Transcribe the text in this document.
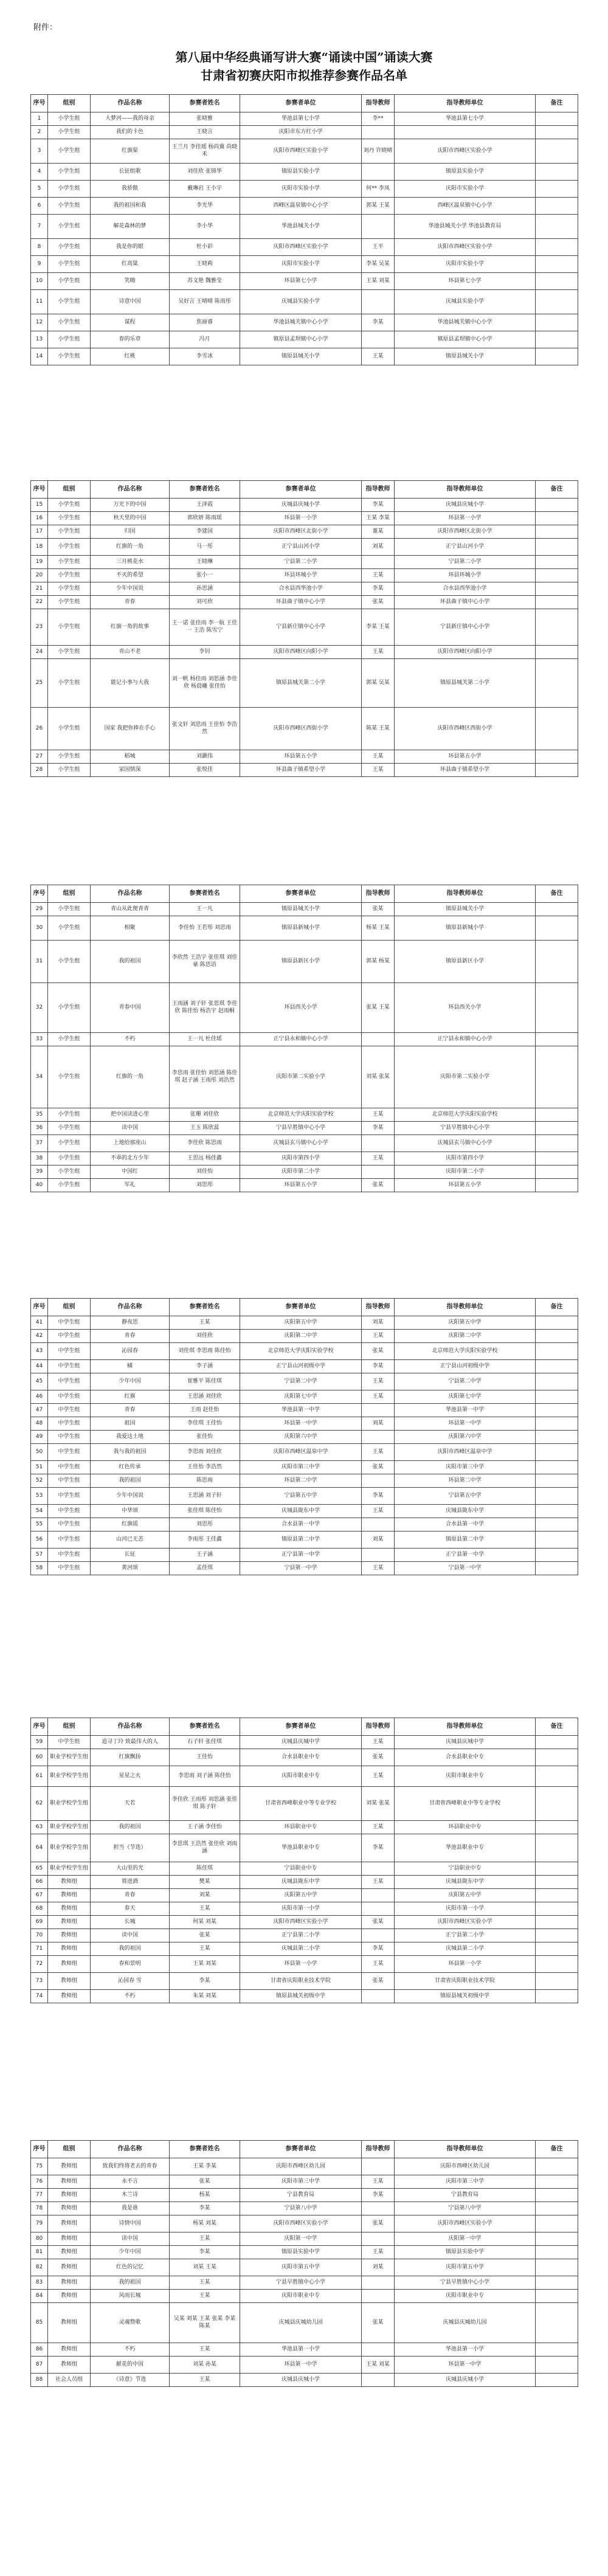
附件：
第八届中华经典诵写讲大赛“诵读中国”诵读大赛
甘肃省初赛庆阳市拟推荐参赛作品名单
序号	组别	作品名称	参赛者姓名	参赛者单位	指导教师	指导教师单位	备注
1	小学生组	大梦河——我的母亲	张晓雅	华池县第七小学	李**	华池县第七小学	
2	小学生组	我们的卡色	王晓言	庆阳市东方红小学			
3	小学生组	红旗渠	王兰月 李佳瑶 杨尚冀 尚晓禾	庆阳市西峰区实验小学	刘丹 许晓晴	庆阳市西峰区实验小学	
4	小学生组	长征组歌	刘佳欣 张锦华	镇原县实验小学		镇原县实验小学	
5	小学生组	我骄傲	戴琳岩 王小宇	庆阳市实验小学	何** 李凤	庆阳市实验小学	
6	小学生组	我的祖国和我	李光华	西峰区温泉镇中心小学	郭某 王某	西峰区温泉镇中心小学	
7	小学生组	解花森林的梦	李小华	华池县城关小学		华池县城关小学 华池县教育局	
8	小学生组	我是你的眼	杜小彩	庆阳市西峰区实验小学	王平	庆阳市西峰区实验小学	
9	小学生组	红高粱	王晓莉	庆阳市实验小学	李某 吴某	庆阳市实验小学	
10	小学生组	笑嗨	苏文艳 魏雅莹	环县第七小学	王某 刘某	环县第七小学	
11	小学生组	诗意中国	吴好言 王晴晴 陈雨彤	庆城县实验小学		庆城县实验小学	
12	小学生组	谋程	焦丽睿	华池县城关镇中心小学	李某	华池县城关镇中心小学	
13	小学生组	春的乐章	冯月	镇原县孟坝镇中心小学		镇原县孟坝镇中心小学	
14	小学生组	红桃	李雪冰	镇原县城关小学	王某	镇原县城关小学	
序号	组别	作品名称	参赛者姓名	参赛者单位	指导教师	指导教师单位	备注
15	小学生组	万光下的中国	王泽霞	庆城县庆城小学	李某	庆城县庆城小学	
16	小学生组	秋天里的中国	郭欣妍 陈雨瑶	环县第一小学	王某 李某	环县第一小学	
17	小学生组	归国	李建国	庆阳市西峰区北街小学	董某	庆阳市西峰区北街小学	
18	小学生组	红旗的一角	马一彤	正宁县山河小学	刘某	正宁县山河小学	
19	小学生组	三月桃花水	王晓琳	宁县第二小学		宁县第二小学	
20	小学生组	不灭的希望	张小一	环县环城小学	王某	环县环城小学	
21	小学生组	少年中国说	孙思涵	合水县西华池小学	李某	合水县西华池小学	
22	小学生组	青春	刘可欣	环县曲子镇中心小学	张某	环县曲子镇中心小学	
23	小学生组	红旗一角的故事	王一诺 张佳雨 李一航 王佳一 王浩 陈雪宁	宁县新庄镇中心小学	李某 王某	宁县新庄镇中心小学	
24	小学生组	青山不老	李钊	庆阳市西峰区向阳小学	王某	庆阳市西峰区向阳小学	
25	小学生组	能记小事与大我	刘一帆 杨佳雨 刘思涵 李佳欣 杨晨曦 张佳怡	镇原县城关第二小学	郭某 吴某	镇原县城关第二小学	
26	小学生组	国家 我把你捧在手心	张文轩 刘思雨 王佳怡 李浩然	庆阳市西峰区西街小学	陈某 王某	庆阳市西峰区西街小学	
27	小学生组	稻城	刘灏伟	环县第五小学	王某	环县第五小学	
28	小学生组	家国情深	张悦佳	环县曲子镇希望小学	王某	环县曲子镇希望小学	
序号	组别	作品名称	参赛者姓名	参赛者单位	指导教师	指导教师单位	备注
29	小学生组	青山从此便青青	王一凡	镇原县城关小学	张某	镇原县城关小学	
30	小学生组	相聚	李佳怡 王若彤 刘思雨	镇原县新城小学	杨某 王某	镇原县新城小学	
31	小学生组	我的祖国	李欣然 王浩宇 张佳琪 刘佳豪 陈思语	镇原县新区小学	郭某 杨某	镇原县新区小学	
32	小学生组	青春中国	王雨涵 刘子轩 张思琪 李佳欣 陈佳怡 杨浩宇 赵雨桐	环县西关小学	张某 王某	环县西关小学	
33	小学生组	不朽	王一凡 杜佳瑶	正宁县永和镇中心小学		正宁县永和镇中心小学	
34	小学生组	红旗的一角	李思雨 张佳怡 刘思涵 陈佳琪 赵子涵 王雨彤 刘浩然	庆阳市第二实验小学	刘某 张某	庆阳市第二实验小学	
35	小学生组	把中国读进心里	张珊 刘佳欣	北京师范大学庆阳实验学校	王某	北京师范大学庆阳实验学校	
36	小学生组	读中国	王玉 陈欣蕊	宁县早胜镇中心小学	李某	宁县早胜镇中心小学	
37	小学生组	上地给那座山	李佳欣 陈思雨	庆城县玄马镇中心小学		庆城县玄马镇中心小学	
38	小学生组	不乖的北方少年	王思远 杨佳鑫	庆阳市第四小学	王某	庆阳市第四小学	
39	小学生组	中国红	刘佳怡	庆阳市第二小学		庆阳市第二小学	
40	小学生组	军礼	刘思彤	环县第五小学	张某	环县第五小学	
序号	组别	作品名称	参赛者姓名	参赛者单位	指导教师	指导教师单位	备注
41	中学生组	静夜思	王某	庆阳第五中学	刘某	庆阳第五中学	
42	中学生组	青春	刘佳欣	庆阳第二中学	王某	庆阳第二中学	
43	中学生组	沁园春	刘佳琪 李思雨 陈佳怡	北京师范大学庆阳实验学校	张某	北京师范大学庆阳实验学校	
44	中学生组	橘	李子涵	正宁县山河初级中学	李某	正宁县山河初级中学	
45	中学生组	少年中国	崔雅平 陈佳琪	宁县第二中学	王某	宁县第二中学	
46	中学生组	红旗	王思涵 刘佳欣	庆阳第七中学	王某	庆阳第七中学	
47	中学生组	青春	王雨 赵佳怡	华池县第一中学		华池县第一中学	
48	中学生组	祖国	李佳琪 王佳怡	环县第一中学	刘某	环县第一中学	
49	中学生组	我爱这土地	张佳怡	庆阳第六中学		庆阳第六中学	
50	中学生组	我与我的祖国	李思雨 刘佳欣	庆阳市西峰区温泉中学	王某	庆阳市西峰区温泉中学	
51	中学生组	红色传承	王佳怡 李浩然	庆阳市第三中学	张某	庆阳市第三中学	
52	中学生组	我的祖国	陈思雨	环县第二中学		环县第二中学	
53	中学生组	少年中国说	王思涵 刘子轩	宁县第五中学	李某	宁县第五中学	
54	中学生组	中华颂	张佳琪 陈佳怡	庆城县陇东中学	王某	庆城县陇东中学	
55	中学生组	红旗谣	刘思彤	合水县第一中学		合水县第一中学	
56	中学生组	山河已无恙	李雨彤 王佳鑫	镇原县第二中学	刘某	镇原县第二中学	
57	中学生组	长征	王子涵	正宁县第一中学		正宁县第一中学	
58	中学生组	黄河颂	孟佳琪	宁县第一中学	王某	宁县第一中学	
序号	组别	作品名称	参赛者姓名	参赛者单位	指导教师	指导教师单位	备注
59	中学生组	追寻丁玲 致最伟大的人	石子轩 张佳琪	庆城县庆城中学	王某	庆城县庆城中学	
60	职业学校学生组	红旗飘扬	王佳怡	合水县职业中专	张某	合水县职业中专	
61	职业学校学生组	星星之火	李思雨 刘子涵 陈佳怡	庆阳市职业中专	王某	庆阳市职业中专	
62	职业学校学生组	天若	李佳欣 王雨彤 刘思涵 张佳琪 陈子轩	甘肃省西峰职业中等专业学校	刘某 张某	甘肃省西峰职业中等专业学校	
63	职业学校学生组	我的祖国	王子涵 李佳怡	环县职业中专	王某	环县职业中专	
64	职业学校学生组	担当（节选）	李思琪 王浩然 张佳欣 刘雨涵	华池县职业中专	李某	华池县职业中专	
65	职业学校学生组	大山里的光	陈佳琪	宁县职业中专		宁县职业中专	
66	教师组	将进酒	樊某	庆城县陇东中学	王某	庆城县陇东中学	
67	教师组	青春	刘某	庆阳第五中学		庆阳第五中学	
68	教师组	春天	王某	庆阳市第一小学		庆阳市第一小学	
69	教师组	长城	何某 刘某	庆阳市西峰区实验小学	张某	庆阳市西峰区实验小学	
70	教师组	读中国	张某	正宁县第二小学		正宁县第二小学	
71	教师组	我的祖国	王某	庆城县第二小学	李某	庆城县第二小学	
72	教师组	春和景明	王某 刘某	环县第一小学	王某	环县第一小学	
73	教师组	沁园春 雪	李某	甘肃省庆阳职业技术学院	张某	甘肃省庆阳职业技术学院	
74	教师组	不朽	朱某 刘某	镇原县城关初级中学		镇原县城关初级中学	
序号	组别	作品名称	参赛者姓名	参赛者单位	指导教师	指导教师单位	备注
75	教师组	致我们终将老去的青春	王某 李某	庆阳市西峰区幼儿园		庆阳市西峰区幼儿园	
76	教师组	永不言	张某	庆阳市第三中学	王某	庆阳市第三中学	
77	教师组	木兰诗	杨某	宁县教育局	李某	宁县教育局	
78	教师组	我是谁	李某	宁县第八中学		宁县第八中学	
79	教师组	诗情中国	杨某 刘某	庆阳市西峰区实验小学	张某	庆阳市西峰区实验小学	
80	教师组	读中国	王某	庆阳第一中学		庆阳第一中学	
81	教师组	少年中国	李某	镇原县实验中学	王某	镇原县实验中学	
82	教师组	红色的记忆	刘某 王某	庆阳市第五中学	刘某	庆阳市第五中学	
83	教师组	我的祖国	王某	宁县早胜镇中心小学		宁县早胜镇中心小学	
84	教师组	风雨长城	王某	庆阳市职业中专		庆阳市职业中专	
85	教师组	灵魂赞歌	吴某 刘某 王某 张某 李某 陈某	庆城县庆城幼儿园	张某	庆城县庆城幼儿园	
86	教师组	不朽	王某	华池县第一小学		华池县第一小学	
87	教师组	献花的中国	刘某 孙某	环县第一中学	王某 刘某	环县第一中学	
88	社会人员组	《诗意》节选	王某	庆城县庆城小学		庆城县庆城小学	
